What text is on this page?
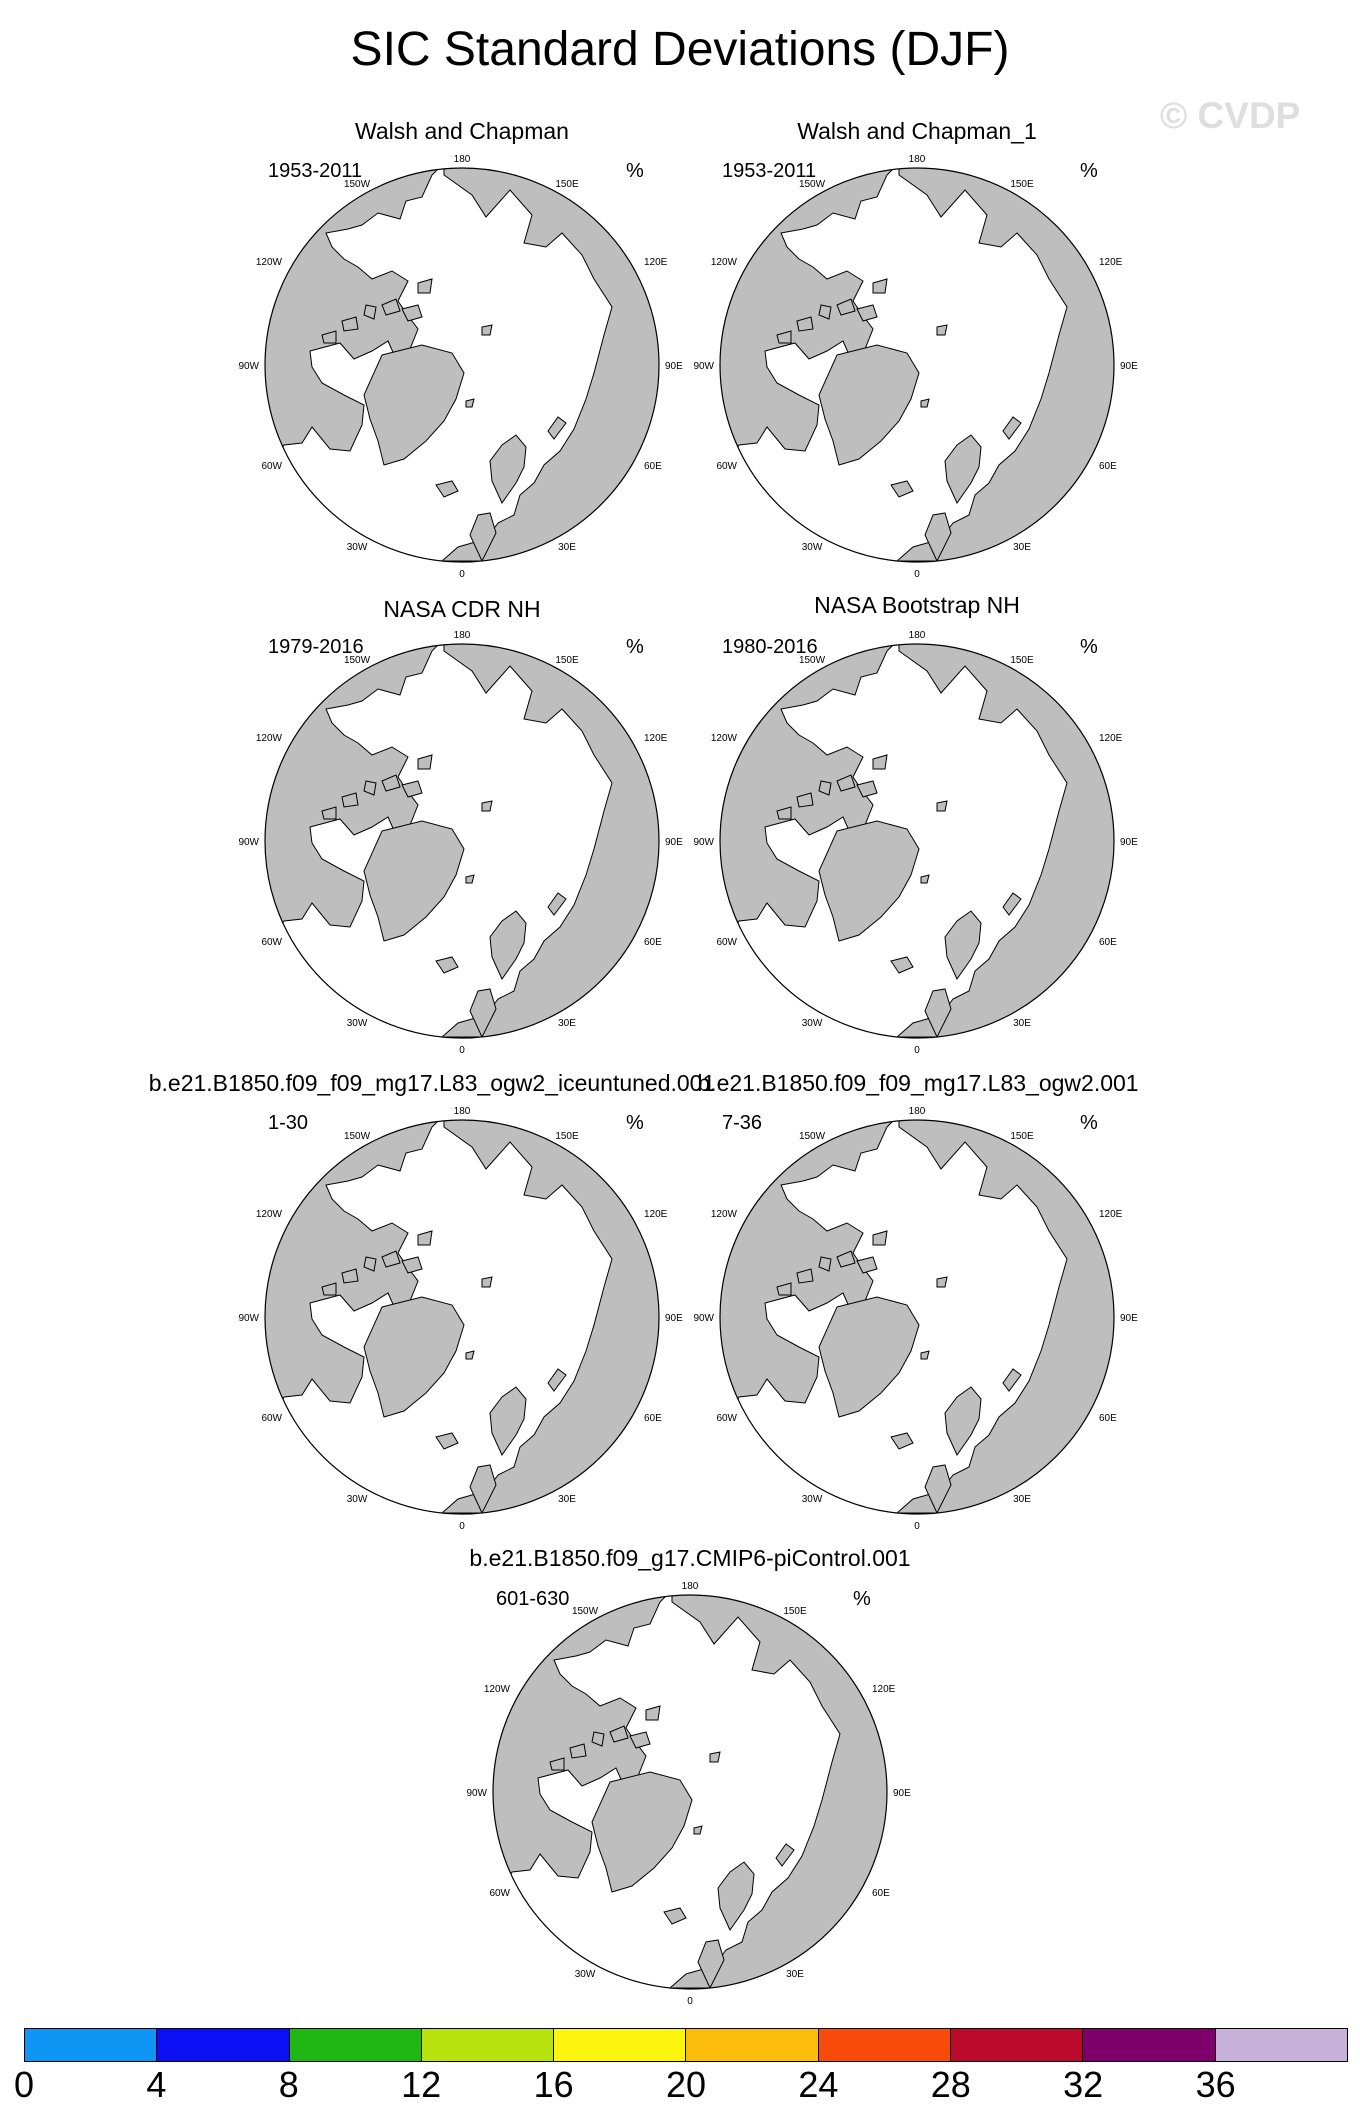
SIC Standard Deviations (DJF)
© CVDP
Walsh and Chapman
1953-2011	%
180
150W	150E
120W	120E
90W	90E
60W	60E
30W	30E
0
Walsh and Chapman_1
1953-2011	%
180
150W	150E
120W	120E
90W	90E
60W	60E
30W	30E
0
NASA CDR NH
1979-2016	%
180
150W	150E
120W	120E
90W	90E
60W	60E
30W	30E
0
NASA Bootstrap NH
1980-2016	%
180
150W	150E
120W	120E
90W	90E
60W	60E
30W	30E
0
b.e21.B1850.f09_f09_mg17.L83_ogw2_iceuntuned.001
1-30	%
180
150W	150E
120W	120E
90W	90E
60W	60E
30W	30E
0
b.e21.B1850.f09_f09_mg17.L83_ogw2.001
7-36	%
180
150W	150E
120W	120E
90W	90E
60W	60E
30W	30E
0
b.e21.B1850.f09_g17.CMIP6-piControl.001
601-630	%
180
150W	150E
120W	120E
90W	90E
60W	60E
30W	30E
0
0	4	8	12	16	20	24	28	32	36
